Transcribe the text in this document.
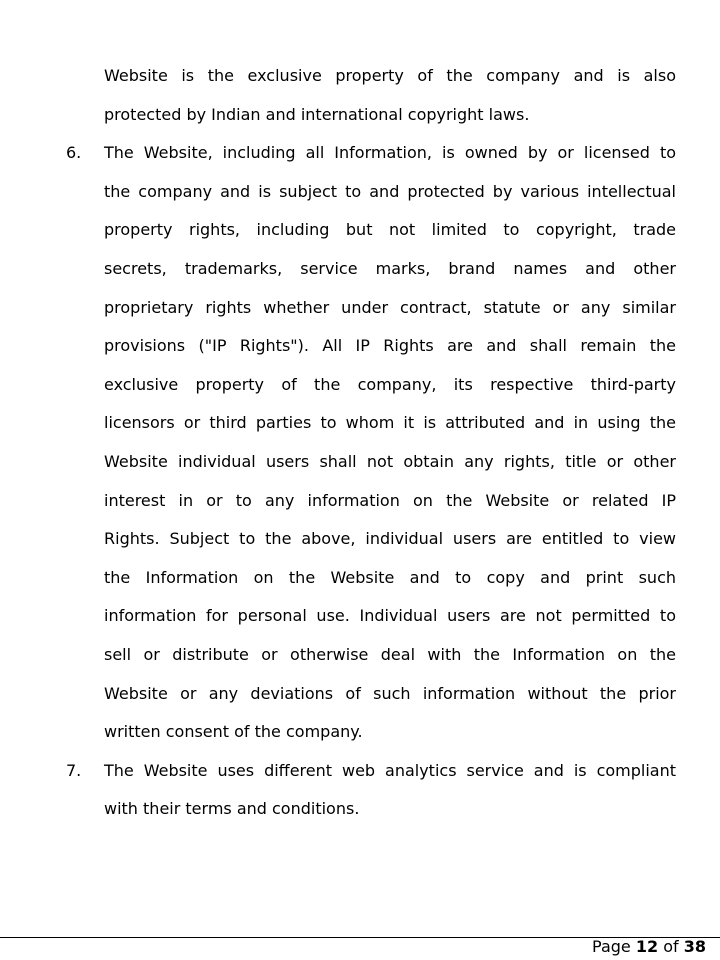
Website is the exclusive property of the company and is also
protected by Indian and international copyright laws.
6. The Website, including all Information, is owned by or licensed to
the company and is subject to and protected by various intellectual
property rights, including but not limited to copyright, trade
secrets, trademarks, service marks, brand names and other
proprietary rights whether under contract, statute or any similar
provisions ("IP Rights"). All IP Rights are and shall remain the
exclusive property of the company, its respective third-party
licensors or third parties to whom it is attributed and in using the
Website individual users shall not obtain any rights, title or other
interest in or to any information on the Website or related IP
Rights. Subject to the above, individual users are entitled to view
the Information on the Website and to copy and print such
information for personal use. Individual users are not permitted to
sell or distribute or otherwise deal with the Information on the
Website or any deviations of such information without the prior
written consent of the company.
7. The Website uses different web analytics service and is compliant
with their terms and conditions.
Page 12 of 38
